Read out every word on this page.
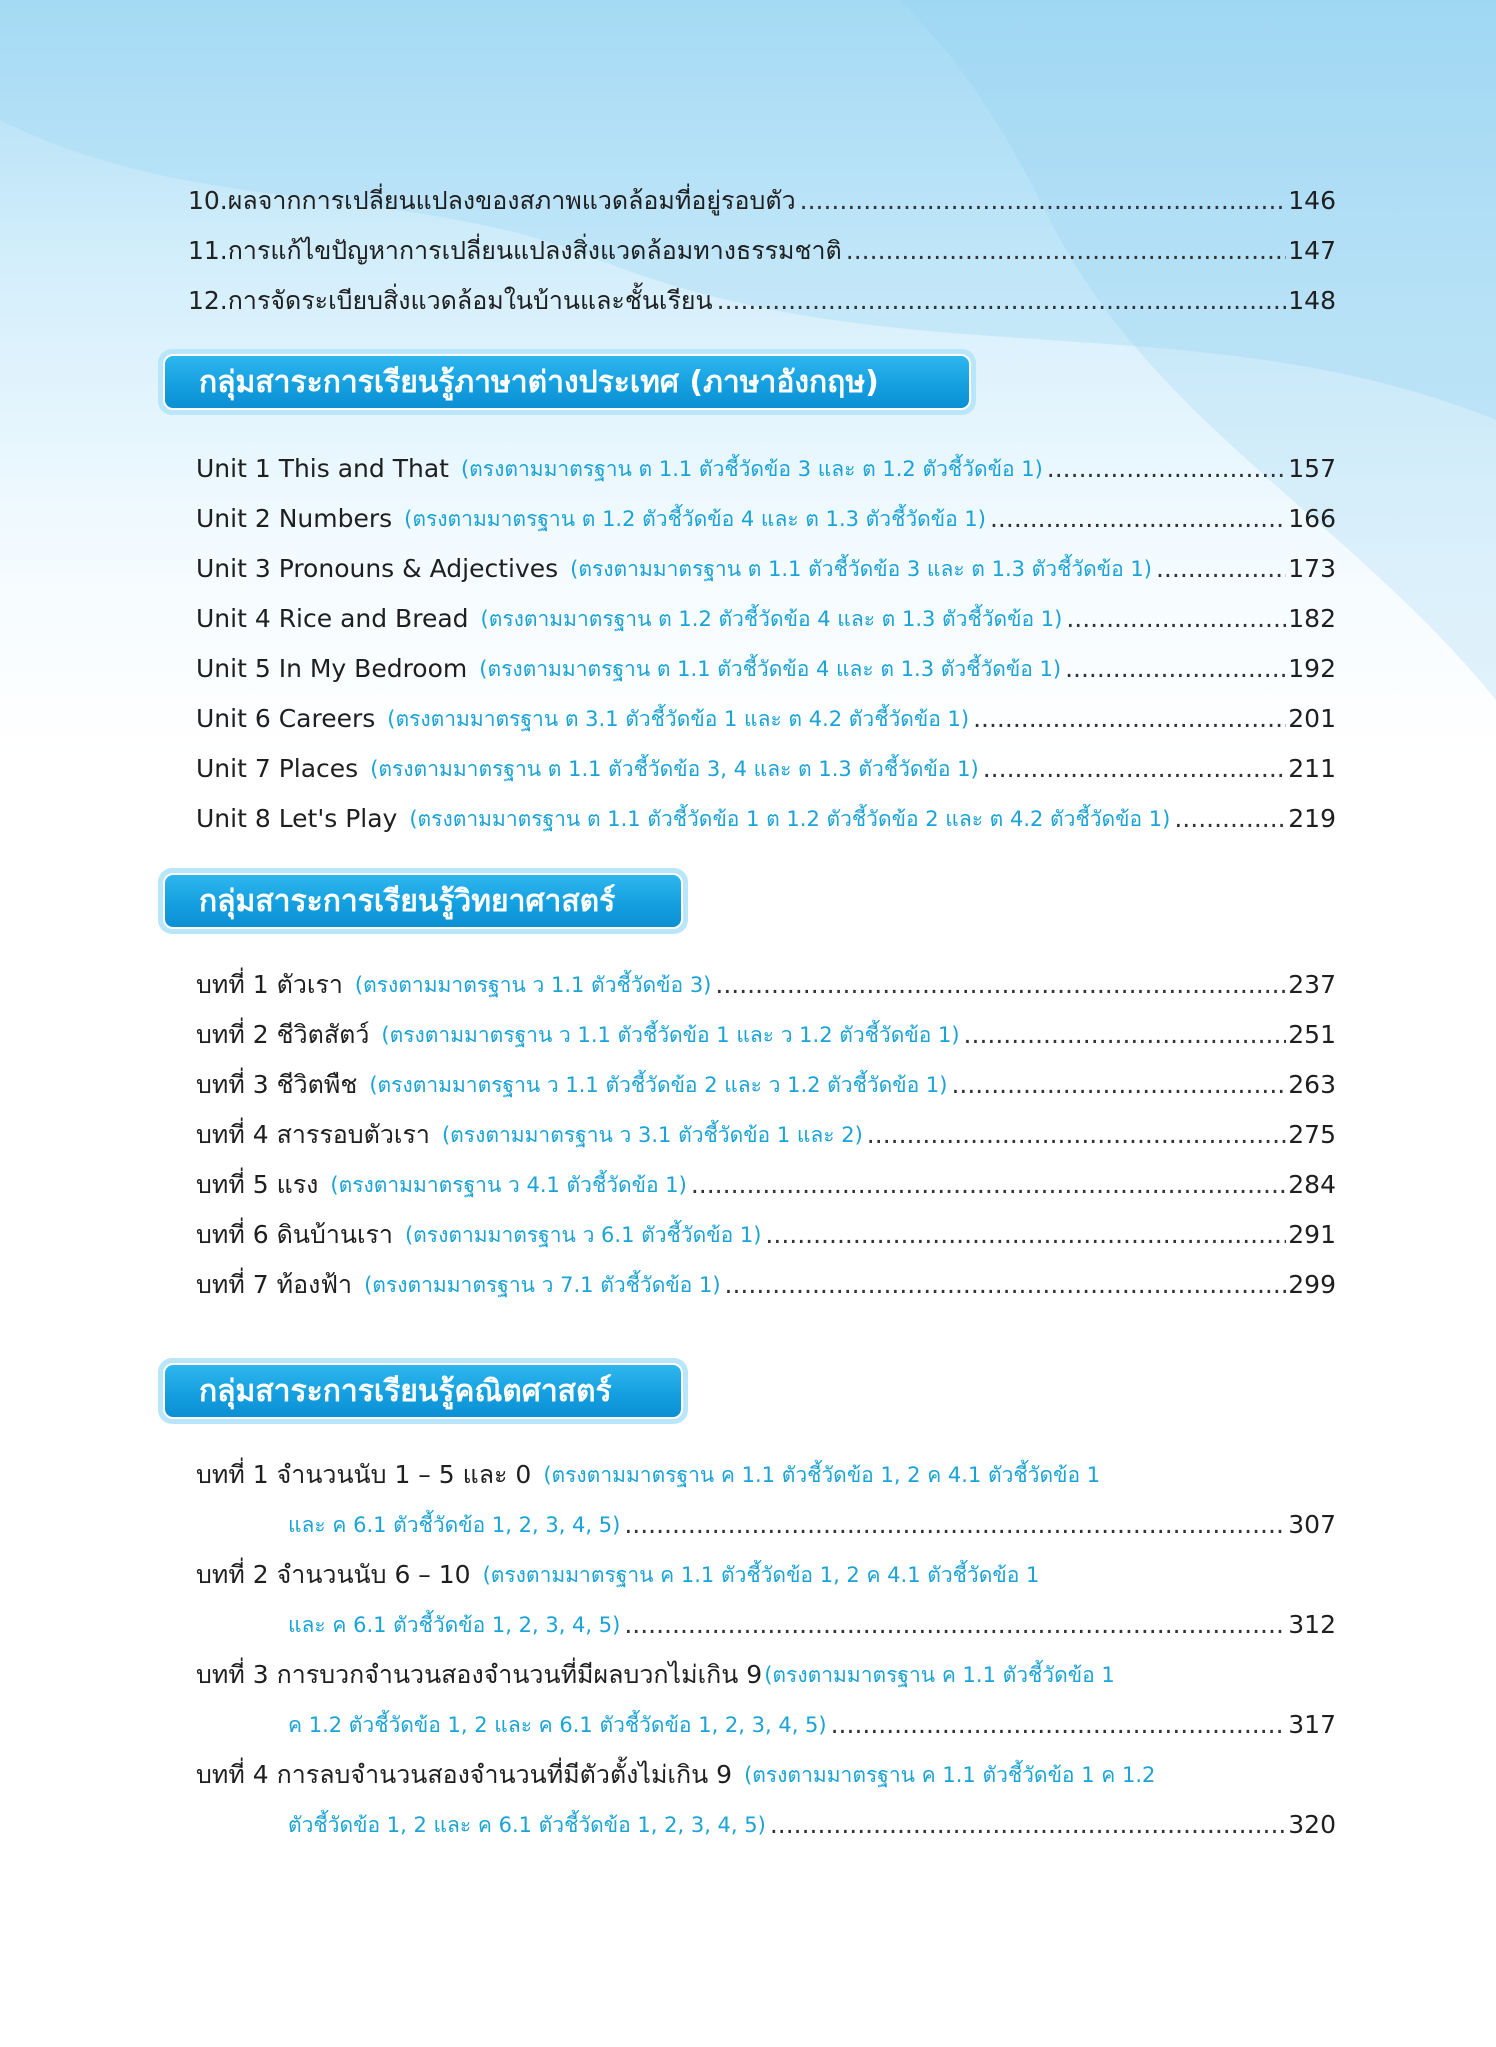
10. ผลจากการเปลี่ยนแปลงของสภาพแวดล้อมที่อยู่รอบตัว .....	146
11. การแก้ไขปัญหาการเปลี่ยนแปลงสิ่งแวดล้อมทางธรรมชาติ .....	147
12. การจัดระเบียบสิ่งแวดล้อมในบ้านและชั้นเรียน .....	148
กลุ่มสาระการเรียนรู้ภาษาต่างประเทศ (ภาษาอังกฤษ)
Unit 1 This and That (ตรงตามมาตรฐาน ต 1.1 ตัวชี้วัดข้อ 3 และ ต 1.2 ตัวชี้วัดข้อ 1) .....	157
Unit 2 Numbers (ตรงตามมาตรฐาน ต 1.2 ตัวชี้วัดข้อ 4 และ ต 1.3 ตัวชี้วัดข้อ 1) .....	166
Unit 3 Pronouns & Adjectives (ตรงตามมาตรฐาน ต 1.1 ตัวชี้วัดข้อ 3 และ ต 1.3 ตัวชี้วัดข้อ 1) .....	173
Unit 4 Rice and Bread (ตรงตามมาตรฐาน ต 1.2 ตัวชี้วัดข้อ 4 และ ต 1.3 ตัวชี้วัดข้อ 1) .....	182
Unit 5 In My Bedroom (ตรงตามมาตรฐาน ต 1.1 ตัวชี้วัดข้อ 4 และ ต 1.3 ตัวชี้วัดข้อ 1) .....	192
Unit 6 Careers (ตรงตามมาตรฐาน ต 3.1 ตัวชี้วัดข้อ 1 และ ต 4.2 ตัวชี้วัดข้อ 1) .....	201
Unit 7 Places (ตรงตามมาตรฐาน ต 1.1 ตัวชี้วัดข้อ 3, 4 และ ต 1.3 ตัวชี้วัดข้อ 1) .....	211
Unit 8 Let's Play (ตรงตามมาตรฐาน ต 1.1 ตัวชี้วัดข้อ 1 ต 1.2 ตัวชี้วัดข้อ 2 และ ต 4.2 ตัวชี้วัดข้อ 1) .....	219
กลุ่มสาระการเรียนรู้วิทยาศาสตร์
บทที่ 1 ตัวเรา (ตรงตามมาตรฐาน ว 1.1 ตัวชี้วัดข้อ 3) .....	237
บทที่ 2 ชีวิตสัตว์ (ตรงตามมาตรฐาน ว 1.1 ตัวชี้วัดข้อ 1 และ ว 1.2 ตัวชี้วัดข้อ 1) .....	251
บทที่ 3 ชีวิตพืช (ตรงตามมาตรฐาน ว 1.1 ตัวชี้วัดข้อ 2 และ ว 1.2 ตัวชี้วัดข้อ 1) .....	263
บทที่ 4 สารรอบตัวเรา (ตรงตามมาตรฐาน ว 3.1 ตัวชี้วัดข้อ 1 และ 2) .....	275
บทที่ 5 แรง (ตรงตามมาตรฐาน ว 4.1 ตัวชี้วัดข้อ 1) .....	284
บทที่ 6 ดินบ้านเรา (ตรงตามมาตรฐาน ว 6.1 ตัวชี้วัดข้อ 1) .....	291
บทที่ 7 ท้องฟ้า (ตรงตามมาตรฐาน ว 7.1 ตัวชี้วัดข้อ 1) .....	299
กลุ่มสาระการเรียนรู้คณิตศาสตร์
บทที่ 1 จำนวนนับ 1 – 5 และ 0 (ตรงตามมาตรฐาน ค 1.1 ตัวชี้วัดข้อ 1, 2 ค 4.1 ตัวชี้วัดข้อ 1
และ ค 6.1 ตัวชี้วัดข้อ 1, 2, 3, 4, 5) .....	307
บทที่ 2 จำนวนนับ 6 – 10 (ตรงตามมาตรฐาน ค 1.1 ตัวชี้วัดข้อ 1, 2 ค 4.1 ตัวชี้วัดข้อ 1
และ ค 6.1 ตัวชี้วัดข้อ 1, 2, 3, 4, 5) .....	312
บทที่ 3 การบวกจำนวนสองจำนวนที่มีผลบวกไม่เกิน 9 (ตรงตามมาตรฐาน ค 1.1 ตัวชี้วัดข้อ 1
ค 1.2 ตัวชี้วัดข้อ 1, 2 และ ค 6.1 ตัวชี้วัดข้อ 1, 2, 3, 4, 5) .....	317
บทที่ 4 การลบจำนวนสองจำนวนที่มีตัวตั้งไม่เกิน 9 (ตรงตามมาตรฐาน ค 1.1 ตัวชี้วัดข้อ 1 ค 1.2
ตัวชี้วัดข้อ 1, 2 และ ค 6.1 ตัวชี้วัดข้อ 1, 2, 3, 4, 5) .....	320
